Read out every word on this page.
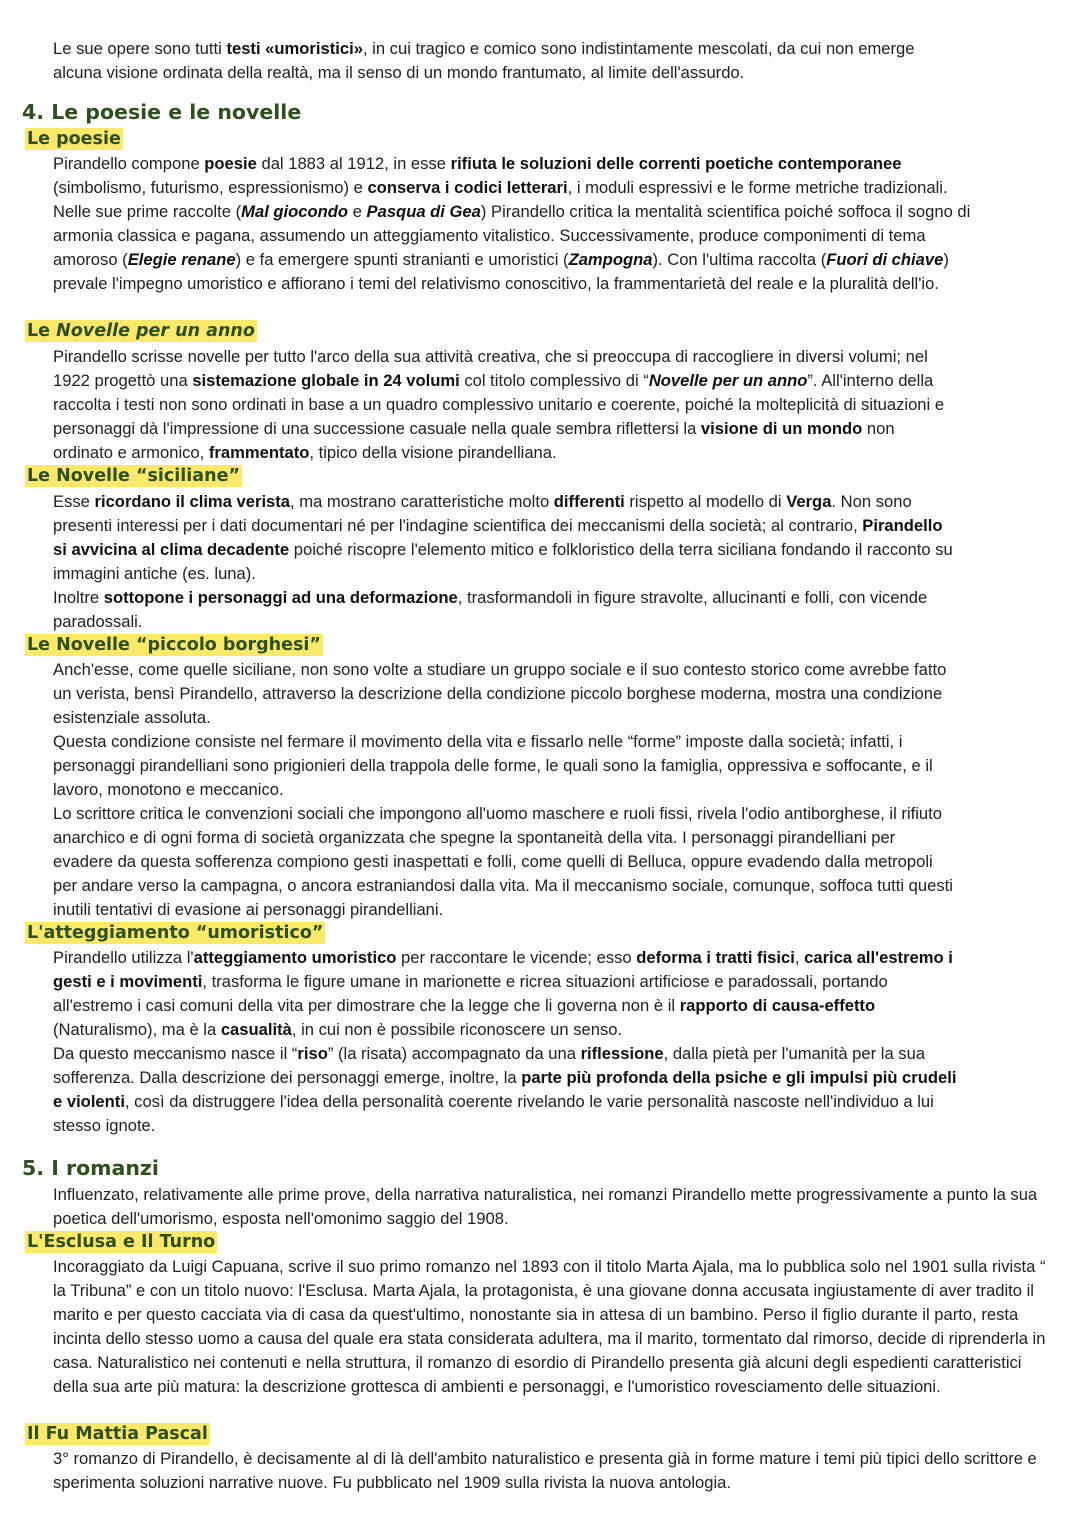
Le sue opere sono tutti testi «umoristici», in cui tragico e comico sono indistintamente mescolati, da cui non emerge alcuna visione ordinata della realtà, ma il senso di un mondo frantumato, al limite dell'assurdo.
4. Le poesie e le novelle
Le poesie
Pirandello compone poesie dal 1883 al 1912, in esse rifiuta le soluzioni delle correnti poetiche contemporanee (simbolismo, futurismo, espressionismo) e conserva i codici letterari, i moduli espressivi e le forme metriche tradizionali. Nelle sue prime raccolte (Mal giocondo e Pasqua di Gea) Pirandello critica la mentalità scientifica poiché soffoca il sogno di armonia classica e pagana, assumendo un atteggiamento vitalistico. Successivamente, produce componimenti di tema amoroso (Elegie renane) e fa emergere spunti stranianti e umoristici (Zampogna). Con l'ultima raccolta (Fuori di chiave) prevale l'impegno umoristico e affiorano i temi del relativismo conoscitivo, la frammentarietà del reale e la pluralità dell'io.
Le Novelle per un anno
Pirandello scrisse novelle per tutto l'arco della sua attività creativa, che si preoccupa di raccogliere in diversi volumi; nel 1922 progettò una sistemazione globale in 24 volumi col titolo complessivo di “Novelle per un anno”. All'interno della raccolta i testi non sono ordinati in base a un quadro complessivo unitario e coerente, poiché la molteplicità di situazioni e personaggi dà l'impressione di una successione casuale nella quale sembra riflettersi la visione di un mondo non ordinato e armonico, frammentato, tipico della visione pirandelliana.
Le Novelle “siciliane”
Esse ricordano il clima verista, ma mostrano caratteristiche molto differenti rispetto al modello di Verga. Non sono presenti interessi per i dati documentari né per l'indagine scientifica dei meccanismi della società; al contrario, Pirandello si avvicina al clima decadente poiché riscopre l'elemento mitico e folkloristico della terra siciliana fondando il racconto su immagini antiche (es. luna).
Inoltre sottopone i personaggi ad una deformazione, trasformandoli in figure stravolte, allucinanti e folli, con vicende paradossali.
Le Novelle “piccolo borghesi”
Anch'esse, come quelle siciliane, non sono volte a studiare un gruppo sociale e il suo contesto storico come avrebbe fatto un verista, bensì Pirandello, attraverso la descrizione della condizione piccolo borghese moderna, mostra una condizione esistenziale assoluta.
Questa condizione consiste nel fermare il movimento della vita e fissarlo nelle “forme” imposte dalla società; infatti, i personaggi pirandelliani sono prigionieri della trappola delle forme, le quali sono la famiglia, oppressiva e soffocante, e il lavoro, monotono e meccanico.
Lo scrittore critica le convenzioni sociali che impongono all'uomo maschere e ruoli fissi, rivela l'odio antiborghese, il rifiuto anarchico e di ogni forma di società organizzata che spegne la spontaneità della vita. I personaggi pirandelliani per evadere da questa sofferenza compiono gesti inaspettati e folli, come quelli di Belluca, oppure evadendo dalla metropoli per andare verso la campagna, o ancora estraniandosi dalla vita. Ma il meccanismo sociale, comunque, soffoca tutti questi inutili tentativi di evasione ai personaggi pirandelliani.
L'atteggiamento “umoristico”
Pirandello utilizza l'atteggiamento umoristico per raccontare le vicende; esso deforma i tratti fisici, carica all'estremo i gesti e i movimenti, trasforma le figure umane in marionette e ricrea situazioni artificiose e paradossali, portando all'estremo i casi comuni della vita per dimostrare che la legge che li governa non è il rapporto di causa-effetto (Naturalismo), ma è la casualità, in cui non è possibile riconoscere un senso.
Da questo meccanismo nasce il “riso” (la risata) accompagnato da una riflessione, dalla pietà per l'umanità per la sua sofferenza. Dalla descrizione dei personaggi emerge, inoltre, la parte più profonda della psiche e gli impulsi più crudeli e violenti, così da distruggere l'idea della personalità coerente rivelando le varie personalità nascoste nell'individuo a lui stesso ignote.
5. I romanzi
Influenzato, relativamente alle prime prove, della narrativa naturalistica, nei romanzi Pirandello mette progressivamente a punto la sua poetica dell'umorismo, esposta nell'omonimo saggio del 1908.
L'Esclusa e Il Turno
Incoraggiato da Luigi Capuana, scrive il suo primo romanzo nel 1893 con il titolo Marta Ajala, ma lo pubblica solo nel 1901 sulla rivista “ la Tribuna” e con un titolo nuovo: l'Esclusa. Marta Ajala, la protagonista, è una giovane donna accusata ingiustamente di aver tradito il marito e per questo cacciata via di casa da quest'ultimo, nonostante sia in attesa di un bambino. Perso il figlio durante il parto, resta incinta dello stesso uomo a causa del quale era stata considerata adultera, ma il marito, tormentato dal rimorso, decide di riprenderla in casa. Naturalistico nei contenuti e nella struttura, il romanzo di esordio di Pirandello presenta già alcuni degli espedienti caratteristici della sua arte più matura: la descrizione grottesca di ambienti e personaggi, e l'umoristico rovesciamento delle situazioni.
Il Fu Mattia Pascal
3° romanzo di Pirandello, è decisamente al di là dell'ambito naturalistico e presenta già in forme mature i temi più tipici dello scrittore e sperimenta soluzioni narrative nuove. Fu pubblicato nel 1909 sulla rivista la nuova antologia.
